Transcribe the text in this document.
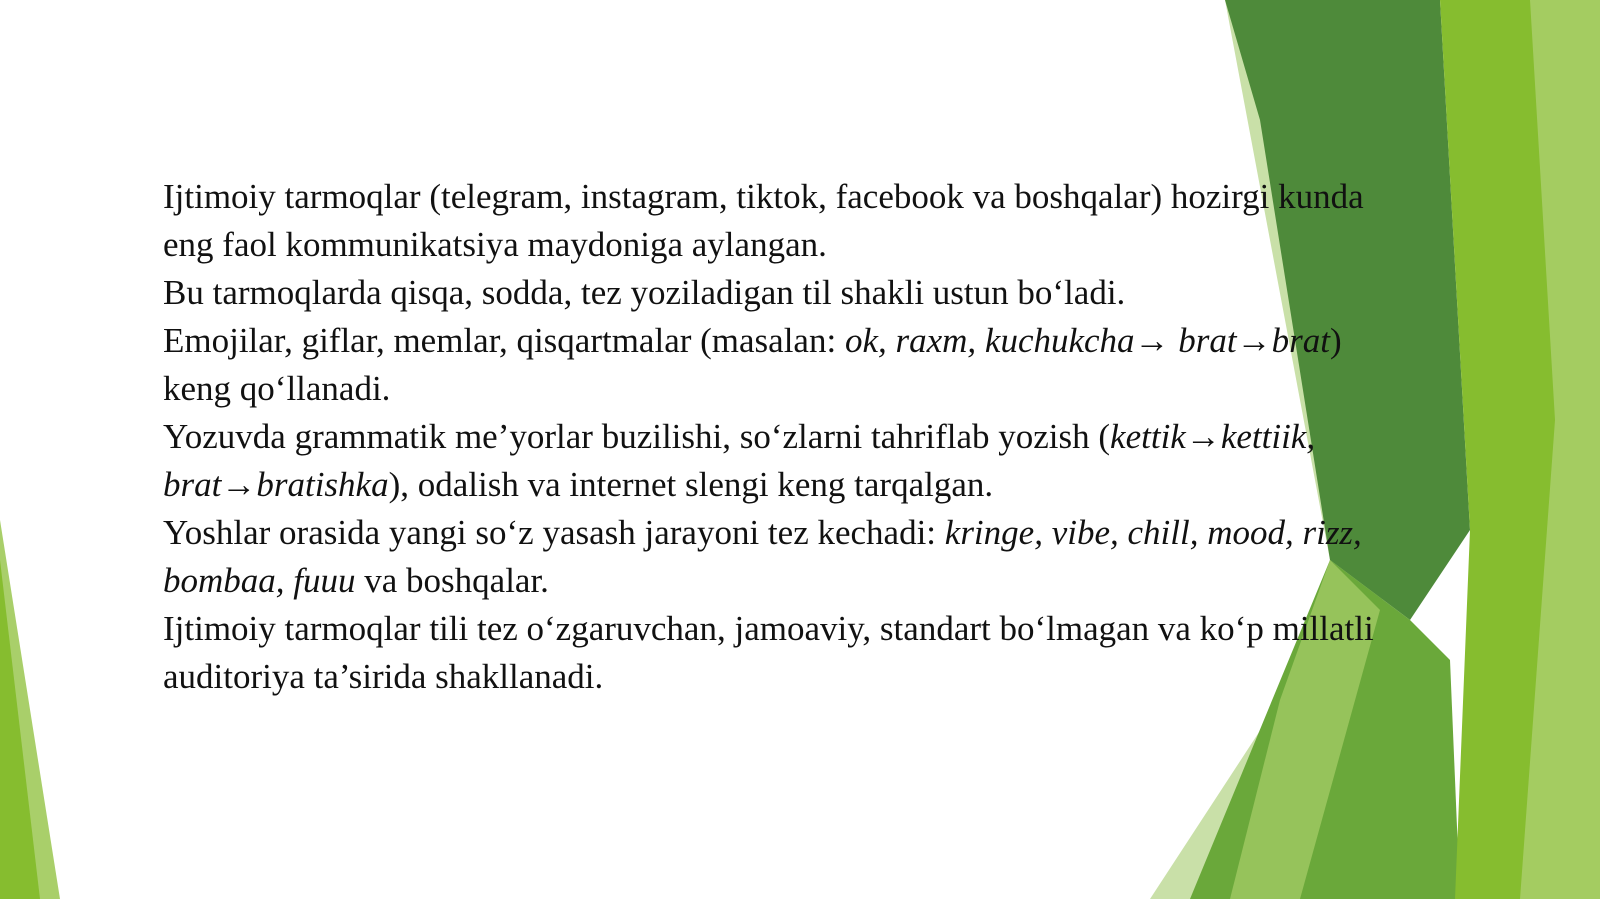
Ijtimoiy tarmoqlar (telegram, instagram, tiktok, facebook va boshqalar) hozirgi kunda eng faol kommunikatsiya maydoniga aylangan.

Bu tarmoqlarda qisqa, sodda, tez yoziladigan til shakli ustun boʻladi.

Emojilar, giflar, memlar, qisqartmalar (masalan: ok, raxm, kuchukcha→ brat→brat) keng qoʻllanadi.

Yozuvda grammatik me’yorlar buzilishi, soʻzlarni tahriflab yozish (kettik→kettiik, brat→bratishka), odalish va internet slengi keng tarqalgan.

Yoshlar orasida yangi soʻz yasash jarayoni tez kechadi: kringe, vibe, chill, mood, rizz, bombaa, fuuu va boshqalar.

Ijtimoiy tarmoqlar tili tez oʻzgaruvchan, jamoaviy, standart boʻlmagan va koʻp millatli auditoriya ta’sirida shakllanadi.
